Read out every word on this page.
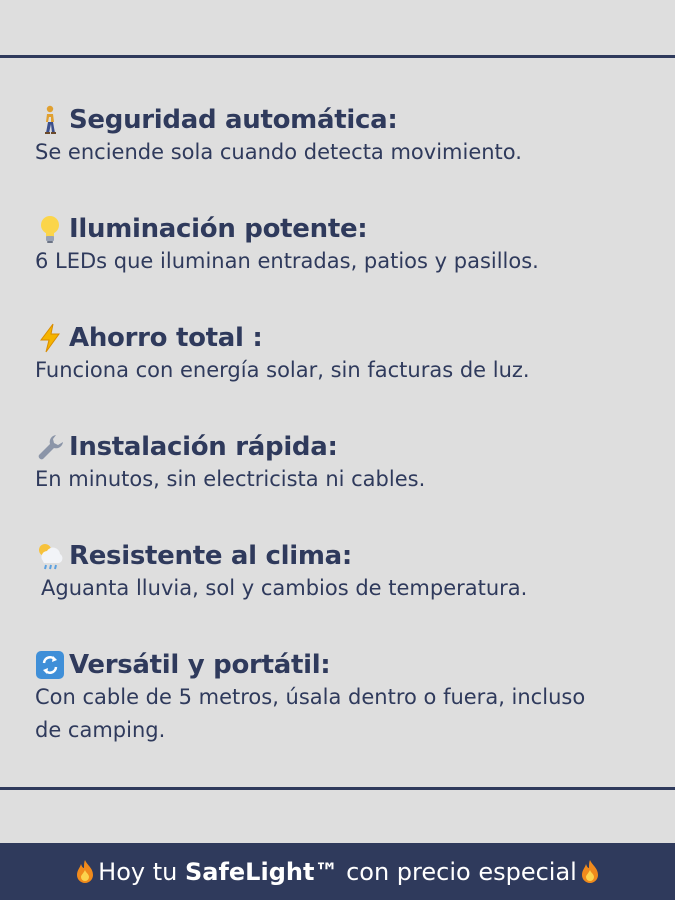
Seguridad automática:
Se enciende sola cuando detecta movimiento.
Iluminación potente:
6 LEDs que iluminan entradas, patios y pasillos.
Ahorro total :
Funciona con energía solar, sin facturas de luz.
Instalación rápida:
En minutos, sin electricista ni cables.
Resistente al clima:
Aguanta lluvia, sol y cambios de temperatura.
Versátil y portátil:
Con cable de 5 metros, úsala dentro o fuera, incluso de camping.
Hoy tu SafeLight™ con precio especial
